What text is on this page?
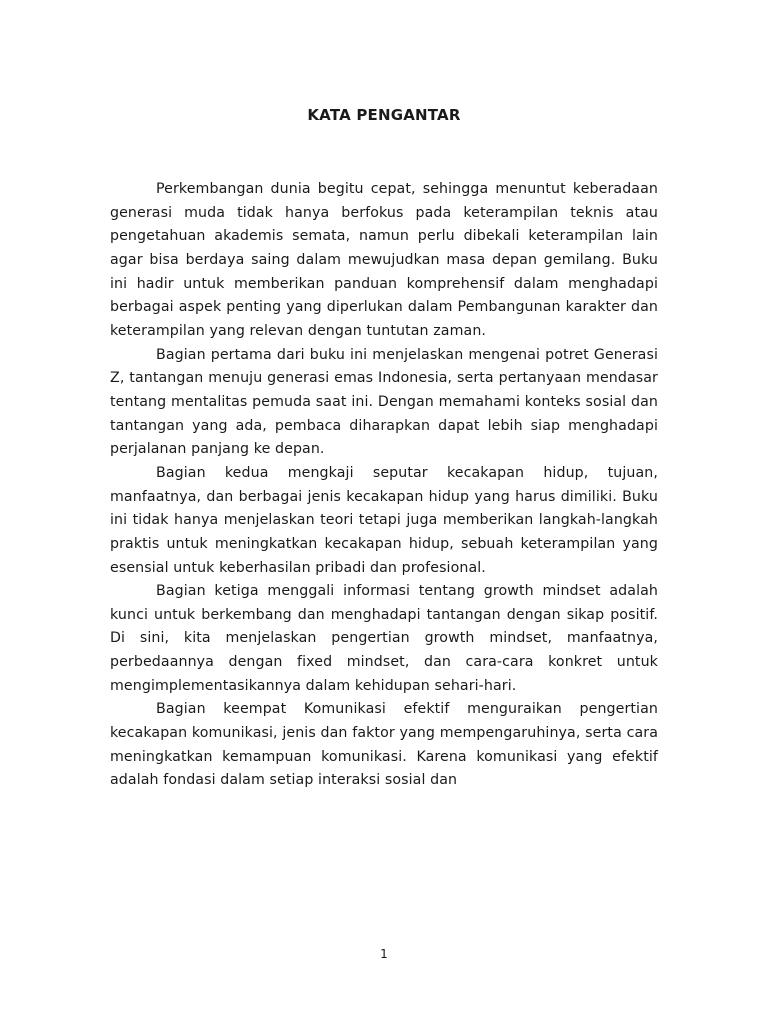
KATA PENGANTAR

Perkembangan dunia begitu cepat, sehingga menuntut keberadaan generasi muda tidak hanya berfokus pada keterampilan teknis atau pengetahuan akademis semata, namun perlu dibekali keterampilan lain agar bisa berdaya saing dalam mewujudkan masa depan gemilang. Buku ini hadir untuk memberikan panduan komprehensif dalam menghadapi berbagai aspek penting yang diperlukan dalam Pembangunan karakter dan keterampilan yang relevan dengan tuntutan zaman.

Bagian pertama dari buku ini menjelaskan mengenai potret Generasi Z, tantangan menuju generasi emas Indonesia, serta pertanyaan mendasar tentang mentalitas pemuda saat ini. Dengan memahami konteks sosial dan tantangan yang ada, pembaca diharapkan dapat lebih siap menghadapi perjalanan panjang ke depan.

Bagian kedua mengkaji seputar kecakapan hidup, tujuan, manfaatnya, dan berbagai jenis kecakapan hidup yang harus dimiliki. Buku ini tidak hanya menjelaskan teori tetapi juga memberikan langkah-langkah praktis untuk meningkatkan kecakapan hidup, sebuah keterampilan yang esensial untuk keberhasilan pribadi dan profesional.

Bagian ketiga menggali informasi tentang growth mindset adalah kunci untuk berkembang dan menghadapi tantangan dengan sikap positif. Di sini, kita menjelaskan pengertian growth mindset, manfaatnya, perbedaannya dengan fixed mindset, dan cara-cara konkret untuk mengimplementasikannya dalam kehidupan sehari-hari.

Bagian keempat Komunikasi efektif menguraikan pengertian kecakapan komunikasi, jenis dan faktor yang mempengaruhinya, serta cara meningkatkan kemampuan komunikasi. Karena komunikasi yang efektif adalah fondasi dalam setiap interaksi sosial dan

1
